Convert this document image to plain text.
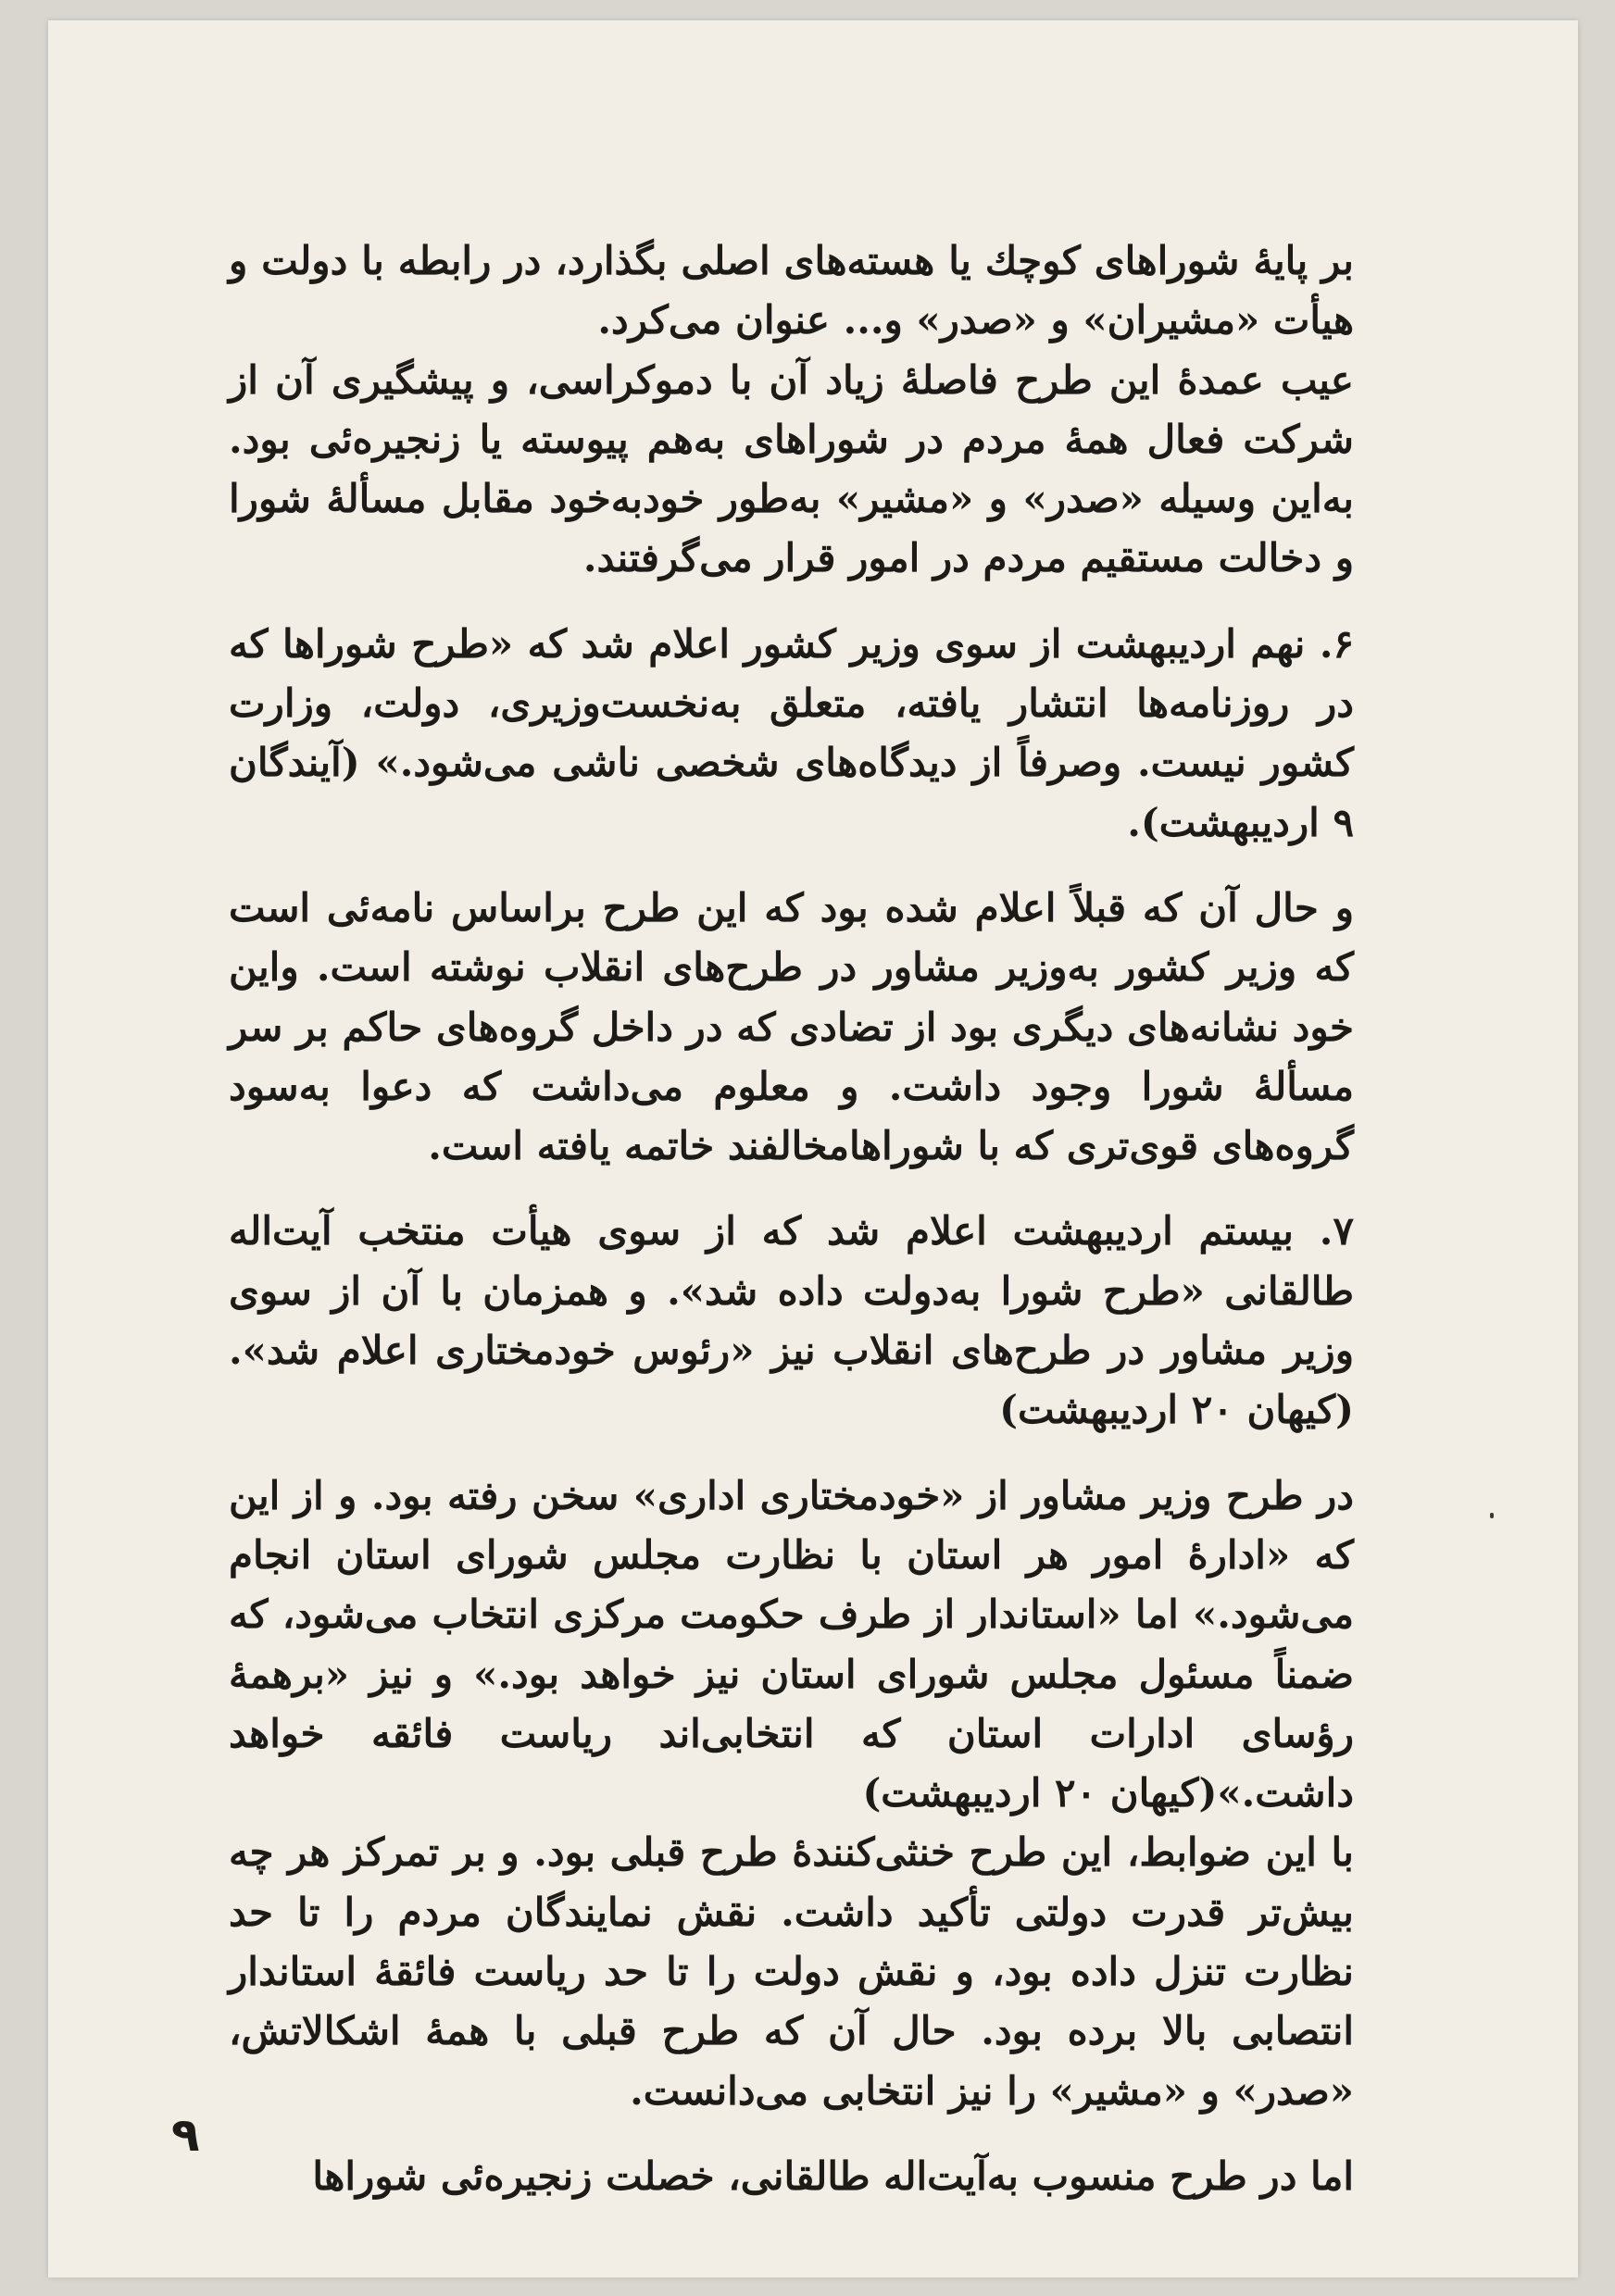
بر پایهٔ شوراهای کوچك یا هسته‌های اصلی بگذارد، در رابطه با دولت و هیأت «مشیران» و «صدر» و... عنوان می‌کرد.

عیب عمدهٔ این طرح فاصلهٔ زیاد آن با دموکراسی، و پیشگیری آن از شرکت فعال همهٔ مردم در شوراهای به‌هم پیوسته یا زنجیره‌ئی بود. به‌این وسیله «صدر» و «مشیر» به‌طور خودبه‌خود مقابل مسألهٔ شورا و دخالت مستقیم مردم در امور قرار می‌گرفتند.

۶. نهم اردیبهشت از سوی وزیر کشور اعلام شد که «طرح شوراها که در روزنامه‌ها انتشار یافته، متعلق به‌نخست‌وزیری، دولت، وزارت کشور نیست. وصرفاً از دیدگاه‌های شخصی ناشی می‌شود.» (آیندگان ۹ اردیبهشت).

و حال آن که قبلاً اعلام شده بود که این طرح براساس نامه‌ئی است که وزیر کشور به‌وزیر مشاور در طرح‌های انقلاب نوشته است. واین خود نشانه‌های دیگری بود از تضادی که در داخل گروه‌های حاکم بر سر مسألهٔ شورا وجود داشت. و معلوم می‌داشت که دعوا به‌سود گروه‌های قوی‌تری که با شوراهامخالفند خاتمه یافته است.

۷. بیستم اردیبهشت اعلام شد که از سوی هیأت منتخب آیت‌اله طالقانی «طرح شورا به‌دولت داده شد». و همزمان با آن از سوی وزیر مشاور در طرح‌های انقلاب نیز «رئوس خودمختاری اعلام شد». (کیهان ۲۰ اردیبهشت)

در طرح وزیر مشاور از «خودمختاری اداری» سخن رفته بود. و از این که «ادارهٔ امور هر استان با نظارت مجلس شورای استان انجام می‌شود.» اما «استاندار از طرف حکومت مرکزی انتخاب می‌شود، که ضمناً مسئول مجلس شورای استان نیز خواهد بود.» و نیز «برهمهٔ رؤسای ادارات استان که انتخابی‌اند ریاست فائقه خواهد داشت.»(کیهان ۲۰ اردیبهشت)

با این ضوابط، این طرح خنثی‌کنندهٔ طرح قبلی بود. و بر تمرکز هر چه بیش‌تر قدرت دولتی تأکید داشت. نقش نمایندگان مردم را تا حد نظارت تنزل داده بود، و نقش دولت را تا حد ریاست فائقهٔ استاندار انتصابی بالا برده بود. حال آن که طرح قبلی با همهٔ اشکالاتش، «صدر» و «مشیر» را نیز انتخابی می‌دانست.

اما در طرح منسوب به‌آیت‌اله طالقانی، خصلت زنجیره‌ئی شوراها

۹
